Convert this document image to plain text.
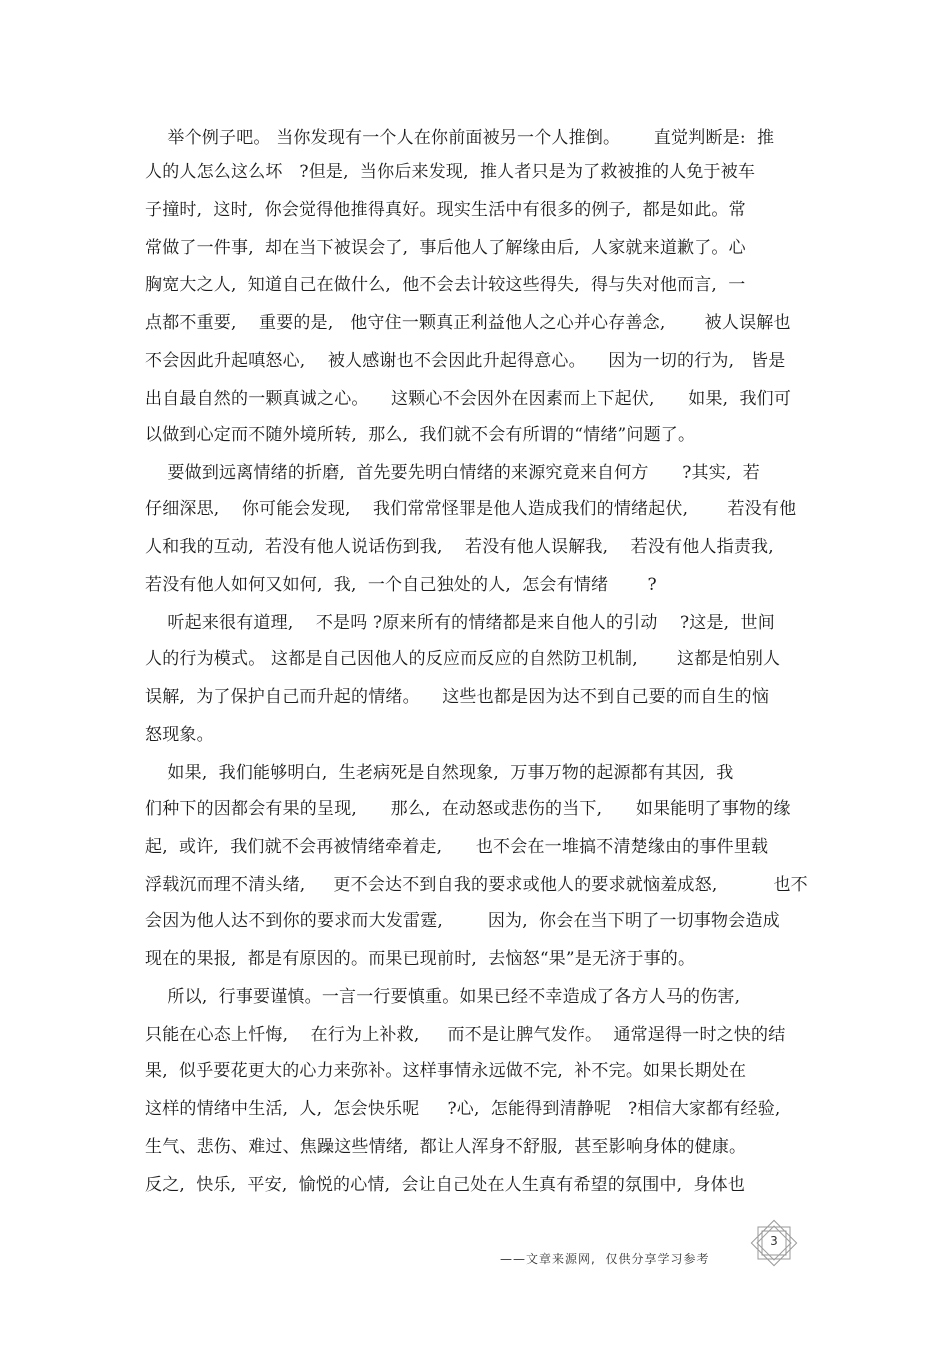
举个例子吧。 当你发现有一个人在你前面被另一个人推倒。      直觉判断是:  推
人的人怎么这么坏   ?但是,  当你后来发现,  推人者只是为了救被推的人免于被车
子撞时,  这时,  你会觉得他推得真好。现实生活中有很多的例子,  都是如此。常
常做了一件事,  却在当下被误会了,  事后他人了解缘由后,  人家就来道歉了。心
胸宽大之人,  知道自己在做什么,  他不会去计较这些得失,  得与失对他而言,  一
点都不重要,    重要的是,   他守住一颗真正利益他人之心并心存善念,       被人误解也
不会因此升起嗔怒心,    被人感谢也不会因此升起得意心。    因为一切的行为,   皆是
出自最自然的一颗真诚之心。    这颗心不会因外在因素而上下起伏,      如果,  我们可
以做到心定而不随外境所转,  那么,  我们就不会有所谓的“情绪”问题了。
要做到远离情绪的折磨,  首先要先明白情绪的来源究竟来自何方      ?其实,  若
仔细深思,    你可能会发现,    我们常常怪罪是他人造成我们的情绪起伏,       若没有他
人和我的互动,  若没有他人说话伤到我,    若没有他人误解我,    若没有他人指责我,
若没有他人如何又如何,  我,  一个自己独处的人,  怎会有情绪       ?
听起来很有道理,    不是吗 ?原来所有的情绪都是来自他人的引动    ?这是,  世间
人的行为模式。 这都是自己因他人的反应而反应的自然防卫机制,       这都是怕别人
误解,  为了保护自己而升起的情绪。    这些也都是因为达不到自己要的而自生的恼
怒现象。
如果,  我们能够明白,  生老病死是自然现象,  万事万物的起源都有其因,  我
们种下的因都会有果的呈现,      那么,  在动怒或悲伤的当下,      如果能明了事物的缘
起,  或许,  我们就不会再被情绪牵着走,      也不会在一堆搞不清楚缘由的事件里载
浮载沉而理不清头绪,     更不会达不到自我的要求或他人的要求就恼羞成怒,          也不
会因为他人达不到你的要求而大发雷霆,        因为,  你会在当下明了一切事物会造成
现在的果报,  都是有原因的。而果已现前时,  去恼怒“果”是无济于事的。
所以,  行事要谨慎。一言一行要慎重。如果已经不幸造成了各方人马的伤害,
只能在心态上忏悔,    在行为上补救,     而不是让脾气发作。  通常逞得一时之快的结
果,  似乎要花更大的心力来弥补。这样事情永远做不完,  补不完。如果长期处在
这样的情绪中生活,  人,  怎会快乐呢     ?心,  怎能得到清静呢   ?相信大家都有经验,
生气、悲伤、难过、焦躁这些情绪,  都让人浑身不舒服,  甚至影响身体的健康。
反之,  快乐,  平安,  愉悦的心情,  会让自己处在人生真有希望的氛围中,  身体也
——文章来源网,  仅供分享学习参考
3
